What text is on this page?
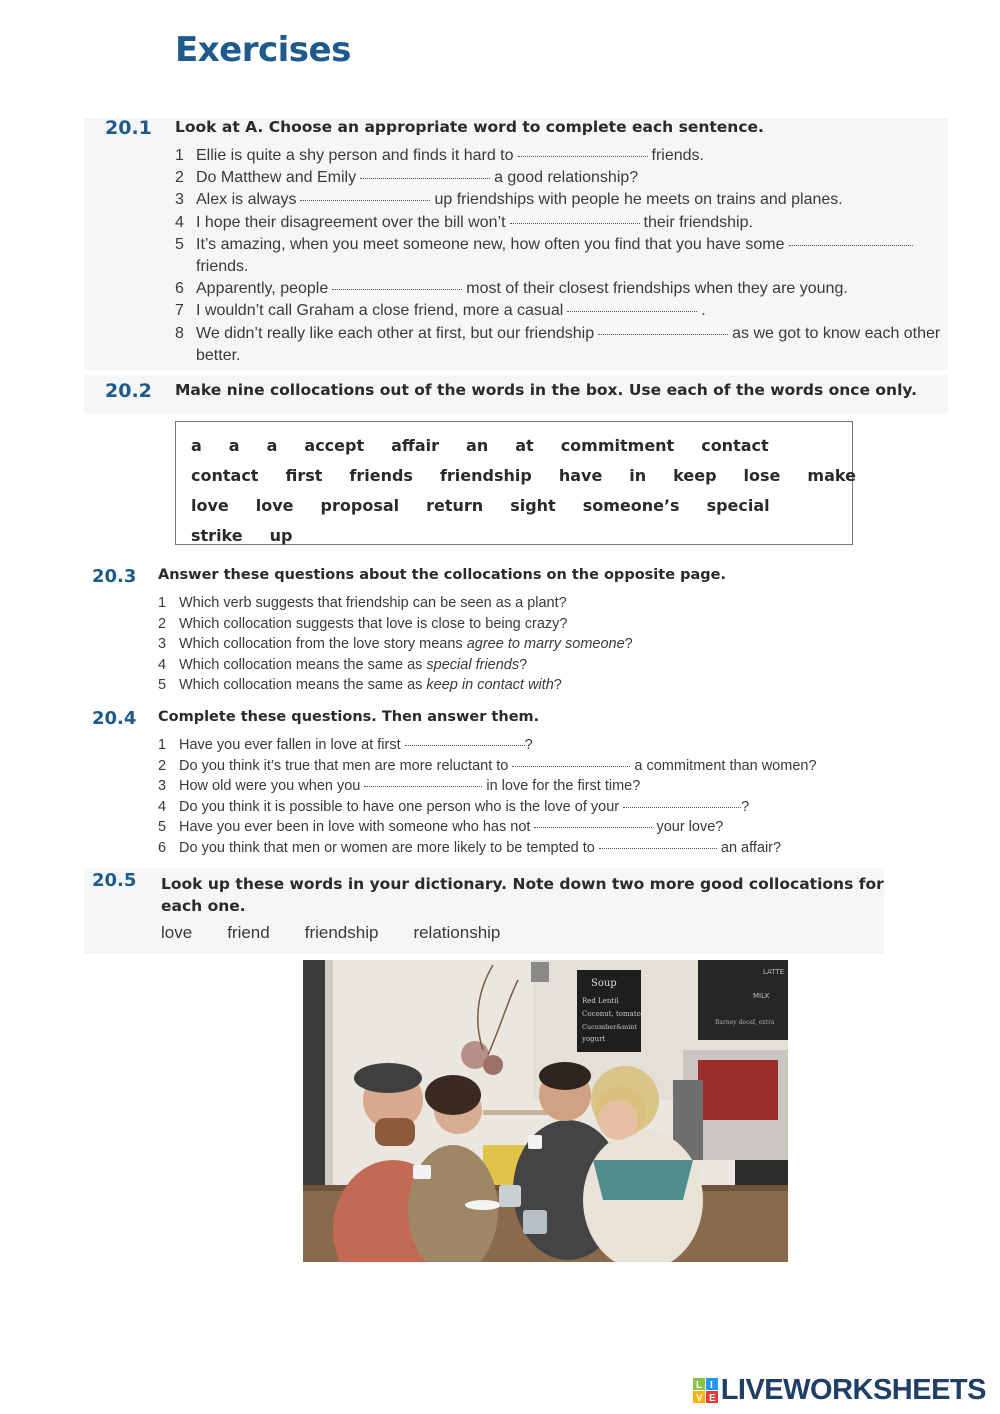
Exercises
20.1 Look at A. Choose an appropriate word to complete each sentence.
1 Ellie is quite a shy person and finds it hard to	friends.
2 Do Matthew and Emily	a good relationship?
3 Alex is always	up friendships with people he meets on trains and planes.
4 I hope their disagreement over the bill won’t	their friendship.
5 It’s amazing, when you meet someone new, how often you find that you have some
friends.
6 Apparently, people	most of their closest friendships when they are young.
7 I wouldn’t call Graham a close friend, more a casual	.
8 We didn’t really like each other at first, but our friendship	as we got to know each other better.
20.2 Make nine collocations out of the words in the box. Use each of the words once only.
a a a accept affair an at commitment contact
contact first friends friendship have in keep lose make
love love proposal return sight someone’s special
strike up
20.3 Answer these questions about the collocations on the opposite page.
1 Which verb suggests that friendship can be seen as a plant?
2 Which collocation suggests that love is close to being crazy?
3 Which collocation from the love story means agree to marry someone?
4 Which collocation means the same as special friends?
5 Which collocation means the same as keep in contact with?
20.4 Complete these questions. Then answer them.
1 Have you ever fallen in love at first	?
2 Do you think it’s true that men are more reluctant to	a commitment than women?
3 How old were you when you	in love for the first time?
4 Do you think it is possible to have one person who is the love of your	?
5 Have you ever been in love with someone who has not	your love?
6 Do you think that men or women are more likely to be tempted to	an affair?
20.5 Look up these words in your dictionary. Note down two more good collocations for
each one.
love friend friendship relationship
Soup
Red Lentil
Coconut, tomato
Cucumber&mint
yogurt
LATTE
MILK
Barney decaf, extra
L I
V E LIVEWORKSHEETS
